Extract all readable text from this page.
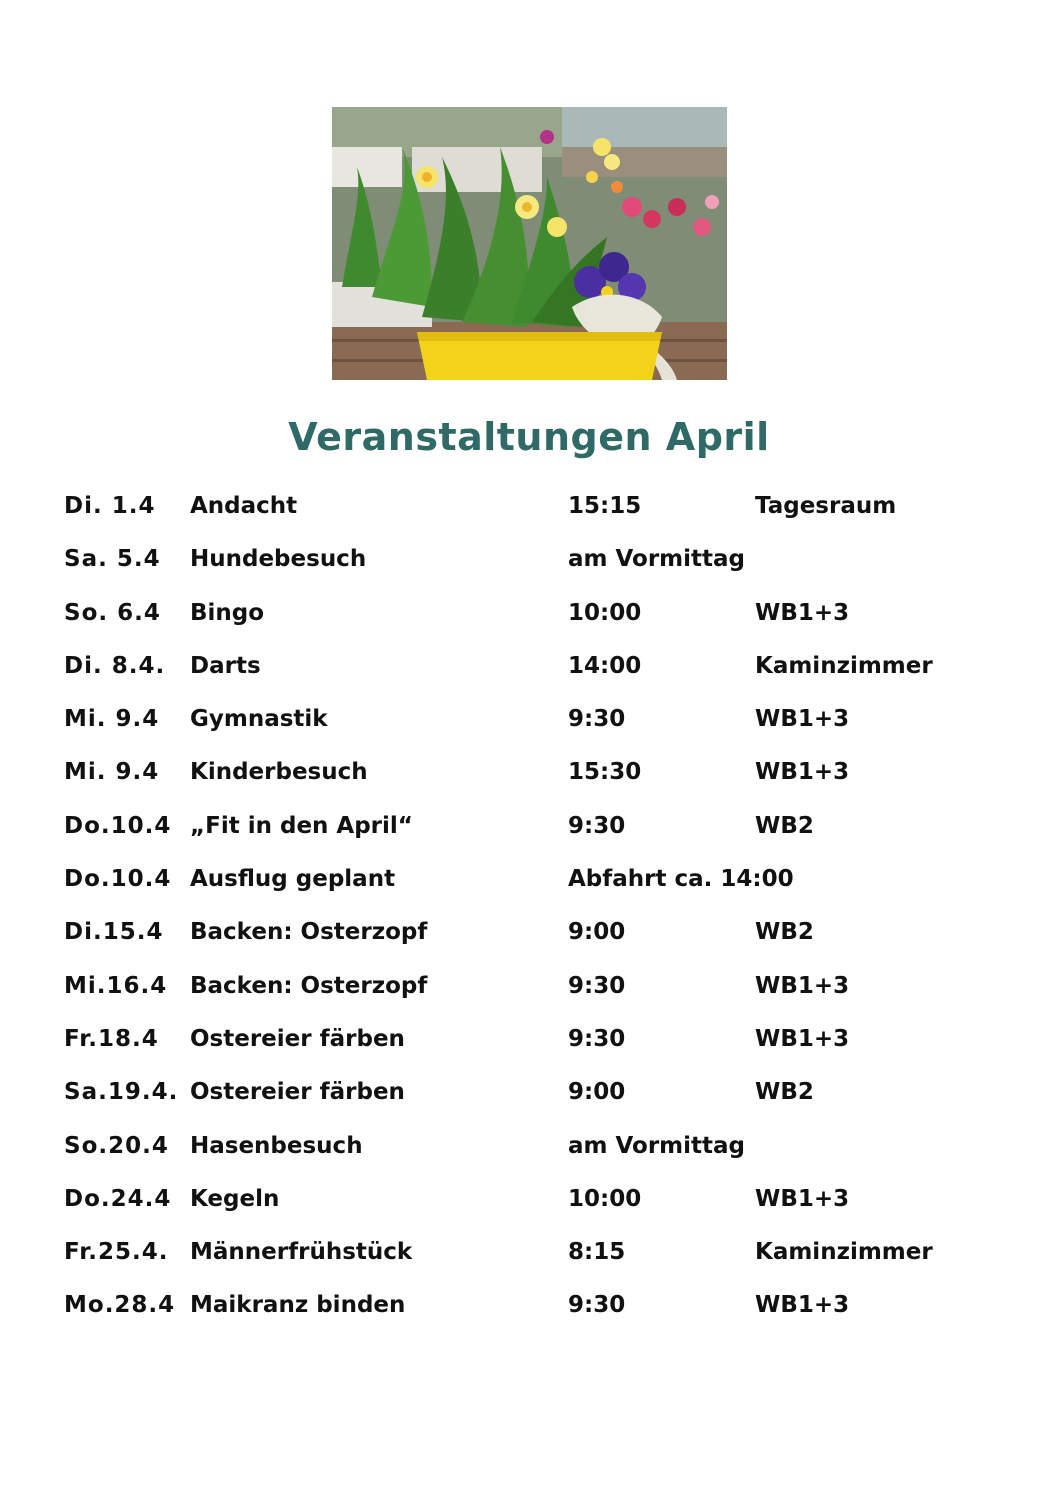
Veranstaltungen April
Di. 1.4 Andacht	15:15	Tagesraum
Sa. 5.4 Hundebesuch	am Vormittag
So. 6.4 Bingo	10:00	WB1+3
Di. 8.4. Darts	14:00	Kaminzimmer
Mi. 9.4 Gymnastik	9:30	WB1+3
Mi. 9.4 Kinderbesuch	15:30	WB1+3
Do.10.4 „Fit in den April“	9:30	WB2
Do.10.4 Ausflug geplant	Abfahrt ca. 14:00
Di.15.4 Backen: Osterzopf	9:00	WB2
Mi.16.4 Backen: Osterzopf	9:30	WB1+3
Fr.18.4 Ostereier färben	9:30	WB1+3
Sa.19.4. Ostereier färben	9:00	WB2
So.20.4 Hasenbesuch	am Vormittag
Do.24.4 Kegeln	10:00	WB1+3
Fr.25.4. Männerfrühstück	8:15	Kaminzimmer
Mo.28.4 Maikranz binden	9:30	WB1+3
